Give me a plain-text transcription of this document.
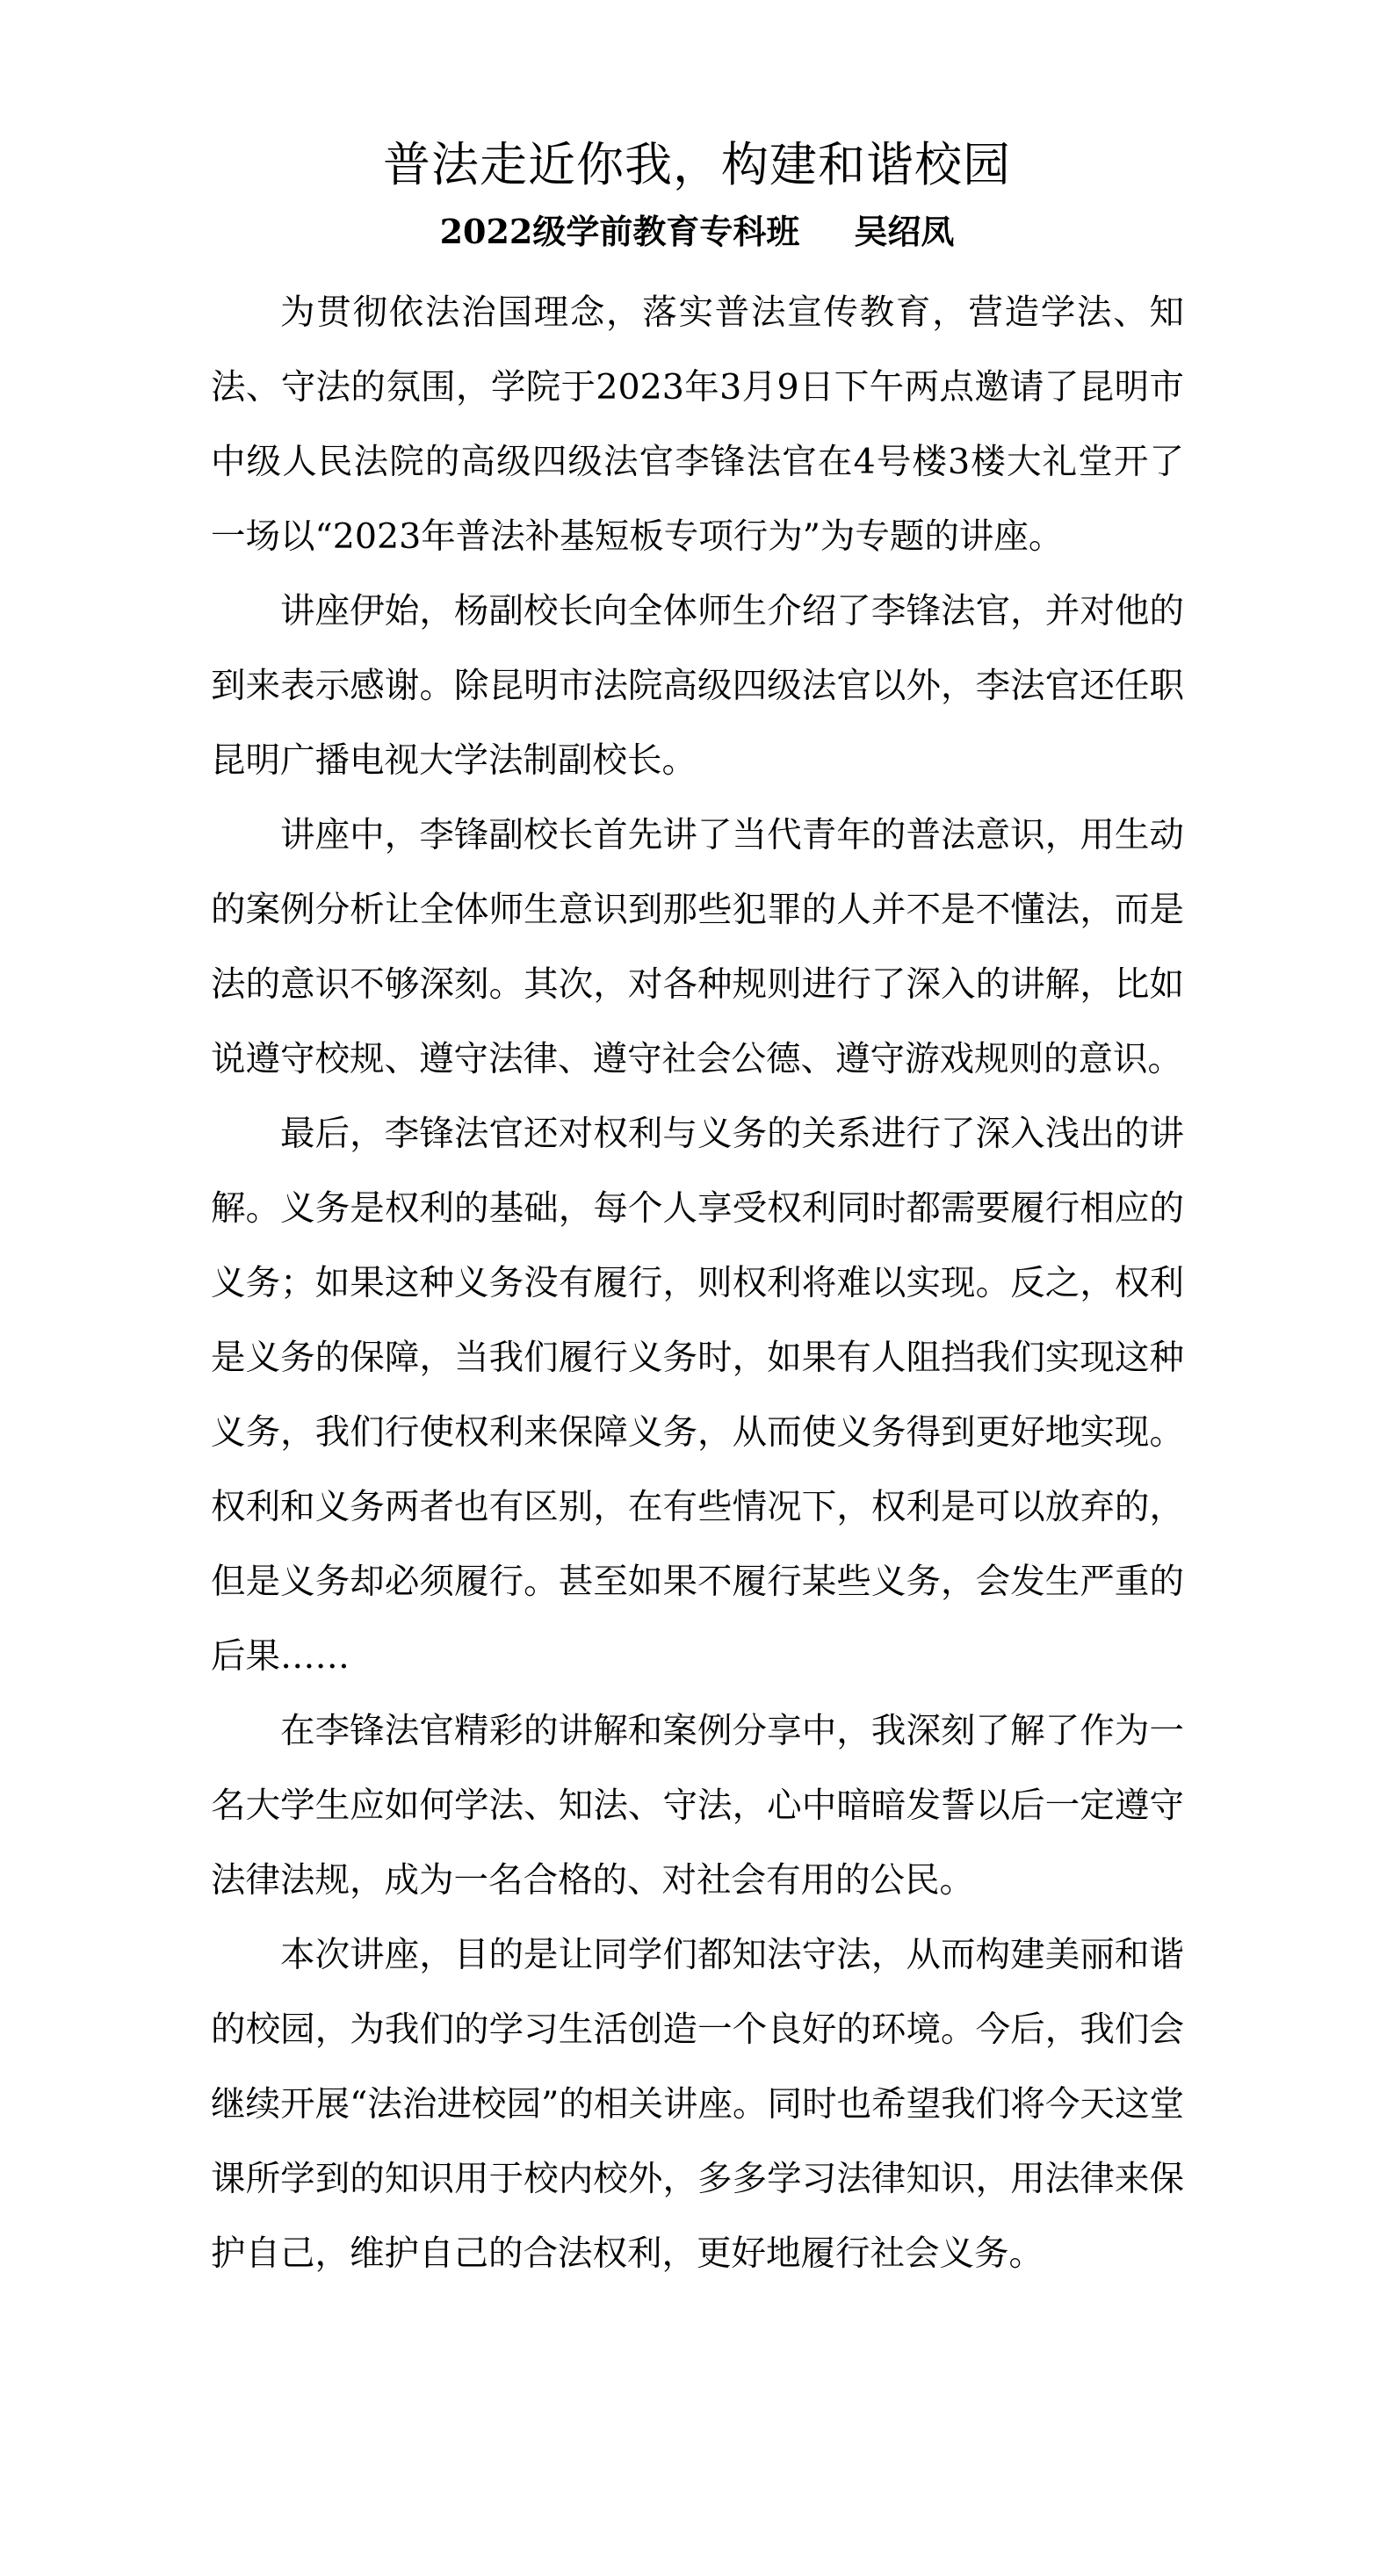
普法走近你我，构建和谐校园
2022级学前教育专科班 吴绍凤

为贯彻依法治国理念，落实普法宣传教育，营造学法、知法、守法的氛围，学院于2023年3月9日下午两点邀请了昆明市中级人民法院的高级四级法官李锋法官在4号楼3楼大礼堂开了一场以“2023年普法补基短板专项行为”为专题的讲座。

讲座伊始，杨副校长向全体师生介绍了李锋法官，并对他的到来表示感谢。除昆明市法院高级四级法官以外，李法官还任职昆明广播电视大学法制副校长。

讲座中，李锋副校长首先讲了当代青年的普法意识，用生动的案例分析让全体师生意识到那些犯罪的人并不是不懂法，而是法的意识不够深刻。其次，对各种规则进行了深入的讲解，比如说遵守校规、遵守法律、遵守社会公德、遵守游戏规则的意识。

最后，李锋法官还对权利与义务的关系进行了深入浅出的讲解。义务是权利的基础，每个人享受权利同时都需要履行相应的义务；如果这种义务没有履行，则权利将难以实现。反之，权利是义务的保障，当我们履行义务时，如果有人阻挡我们实现这种义务，我们行使权利来保障义务，从而使义务得到更好地实现。权利和义务两者也有区别，在有些情况下，权利是可以放弃的，但是义务却必须履行。甚至如果不履行某些义务，会发生严重的后果……

在李锋法官精彩的讲解和案例分享中，我深刻了解了作为一名大学生应如何学法、知法、守法，心中暗暗发誓以后一定遵守法律法规，成为一名合格的、对社会有用的公民。

本次讲座，目的是让同学们都知法守法，从而构建美丽和谐的校园，为我们的学习生活创造一个良好的环境。今后，我们会继续开展“法治进校园”的相关讲座。同时也希望我们将今天这堂课所学到的知识用于校内校外，多多学习法律知识，用法律来保护自己，维护自己的合法权利，更好地履行社会义务。
